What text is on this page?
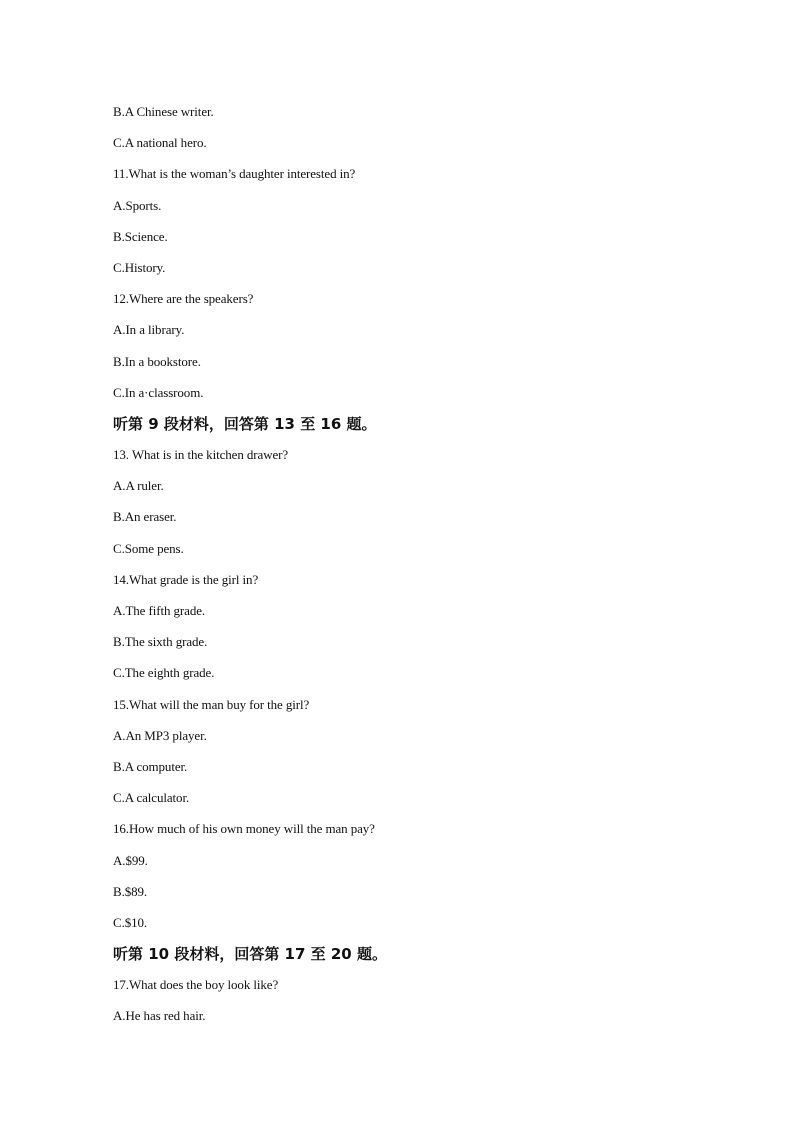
B.A Chinese writer.
C.A national hero.
11.What is the woman’s daughter interested in?
A.Sports.
B.Science.
C.History.
12.Where are the speakers?
A.In a library.
B.In a bookstore.
C.In a·classroom.
听第 9 段材料，回答第 13 至 16 题。
13. What is in the kitchen drawer?
A.A ruler.
B.An eraser.
C.Some pens.
14.What grade is the girl in?
A.The fifth grade.
B.The sixth grade.
C.The eighth grade.
15.What will the man buy for the girl?
A.An MP3 player.
B.A computer.
C.A calculator.
16.How much of his own money will the man pay?
A.$99.
B.$89.
C.$10.
听第 10 段材料，回答第 17 至 20 题。
17.What does the boy look like?
A.He has red hair.
